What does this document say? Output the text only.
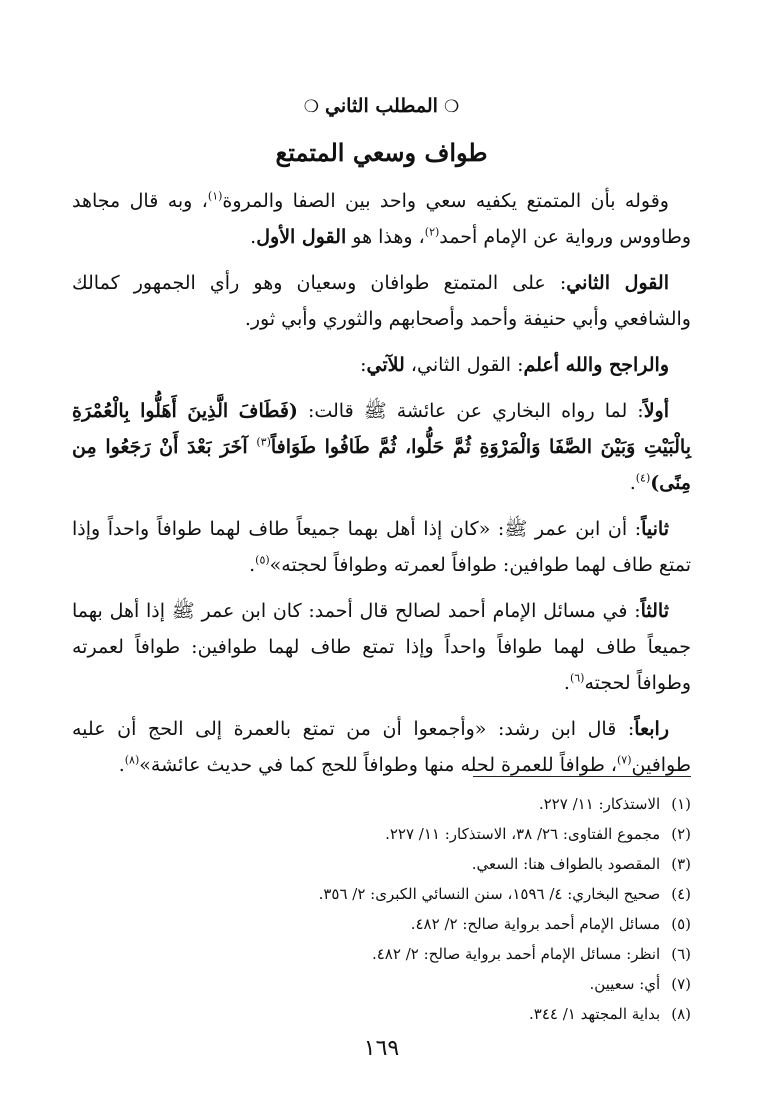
❍المطلب الثاني❍
طواف وسعي المتمتع

وقوله بأن المتمتع يكفيه سعي واحد بين الصفا والمروة$^{(١)}$، وبه قال مجاهد وطاووس ورواية عن الإمام أحمد$^{(٢)}$، وهذا هو القول الأول.

القول الثاني: على المتمتع طوافان وسعيان وهو رأي الجمهور كمالك والشافعي وأبي حنيفة وأحمد وأصحابهم والثوري وأبي ثور.

والراجح والله أعلم: القول الثاني، للآتي:

أولاً: لما رواه البخاري عن عائشة ﷺ قالت: (فَطَافَ الَّذِينَ أَهَلُّوا بِالْعُمْرَةِ بِالْبَيْتِ وَبَيْنَ الصَّفَا وَالْمَرْوَةِ ثُمَّ حَلُّوا، ثُمَّ طَافُوا طَوَافاً$^{(٣)}$ آخَرَ بَعْدَ أَنْ رَجَعُوا مِن مِنًى)$^{(٤)}$.

ثانياً: أن ابن عمر ﷺ: «كان إذا أهل بهما جميعاً طاف لهما طوافاً واحداً وإذا تمتع طاف لهما طوافين: طوافاً لعمرته وطوافاً لحجته»$^{(٥)}$.

ثالثاً: في مسائل الإمام أحمد لصالح قال أحمد: كان ابن عمر ﷺ إذا أهل بهما جميعاً طاف لهما طوافاً واحداً وإذا تمتع طاف لهما طوافين: طوافاً لعمرته وطوافاً لحجته$^{(٦)}$.

رابعاً: قال ابن رشد: «وأجمعوا أن من تمتع بالعمرة إلى الحج أن عليه طوافين$^{(٧)}$، طوافاً للعمرة لحله منها وطوافاً للحج كما في حديث عائشة»$^{(٨)}$.

(١) الاستذكار: ١١/ ٢٢٧.
(٢) مجموع الفتاوى: ٢٦/ ٣٨، الاستذكار: ١١/ ٢٢٧.
(٣) المقصود بالطواف هنا: السعي.
(٤) صحيح البخاري: ٤/ ١٥٩٦، سنن النسائي الكبرى: ٢/ ٣٥٦.
(٥) مسائل الإمام أحمد برواية صالح: ٢/ ٤٨٢.
(٦) انظر: مسائل الإمام أحمد برواية صالح: ٢/ ٤٨٢.
(٧) أي: سعيين.
(٨) بداية المجتهد ١/ ٣٤٤.
١٦٩
